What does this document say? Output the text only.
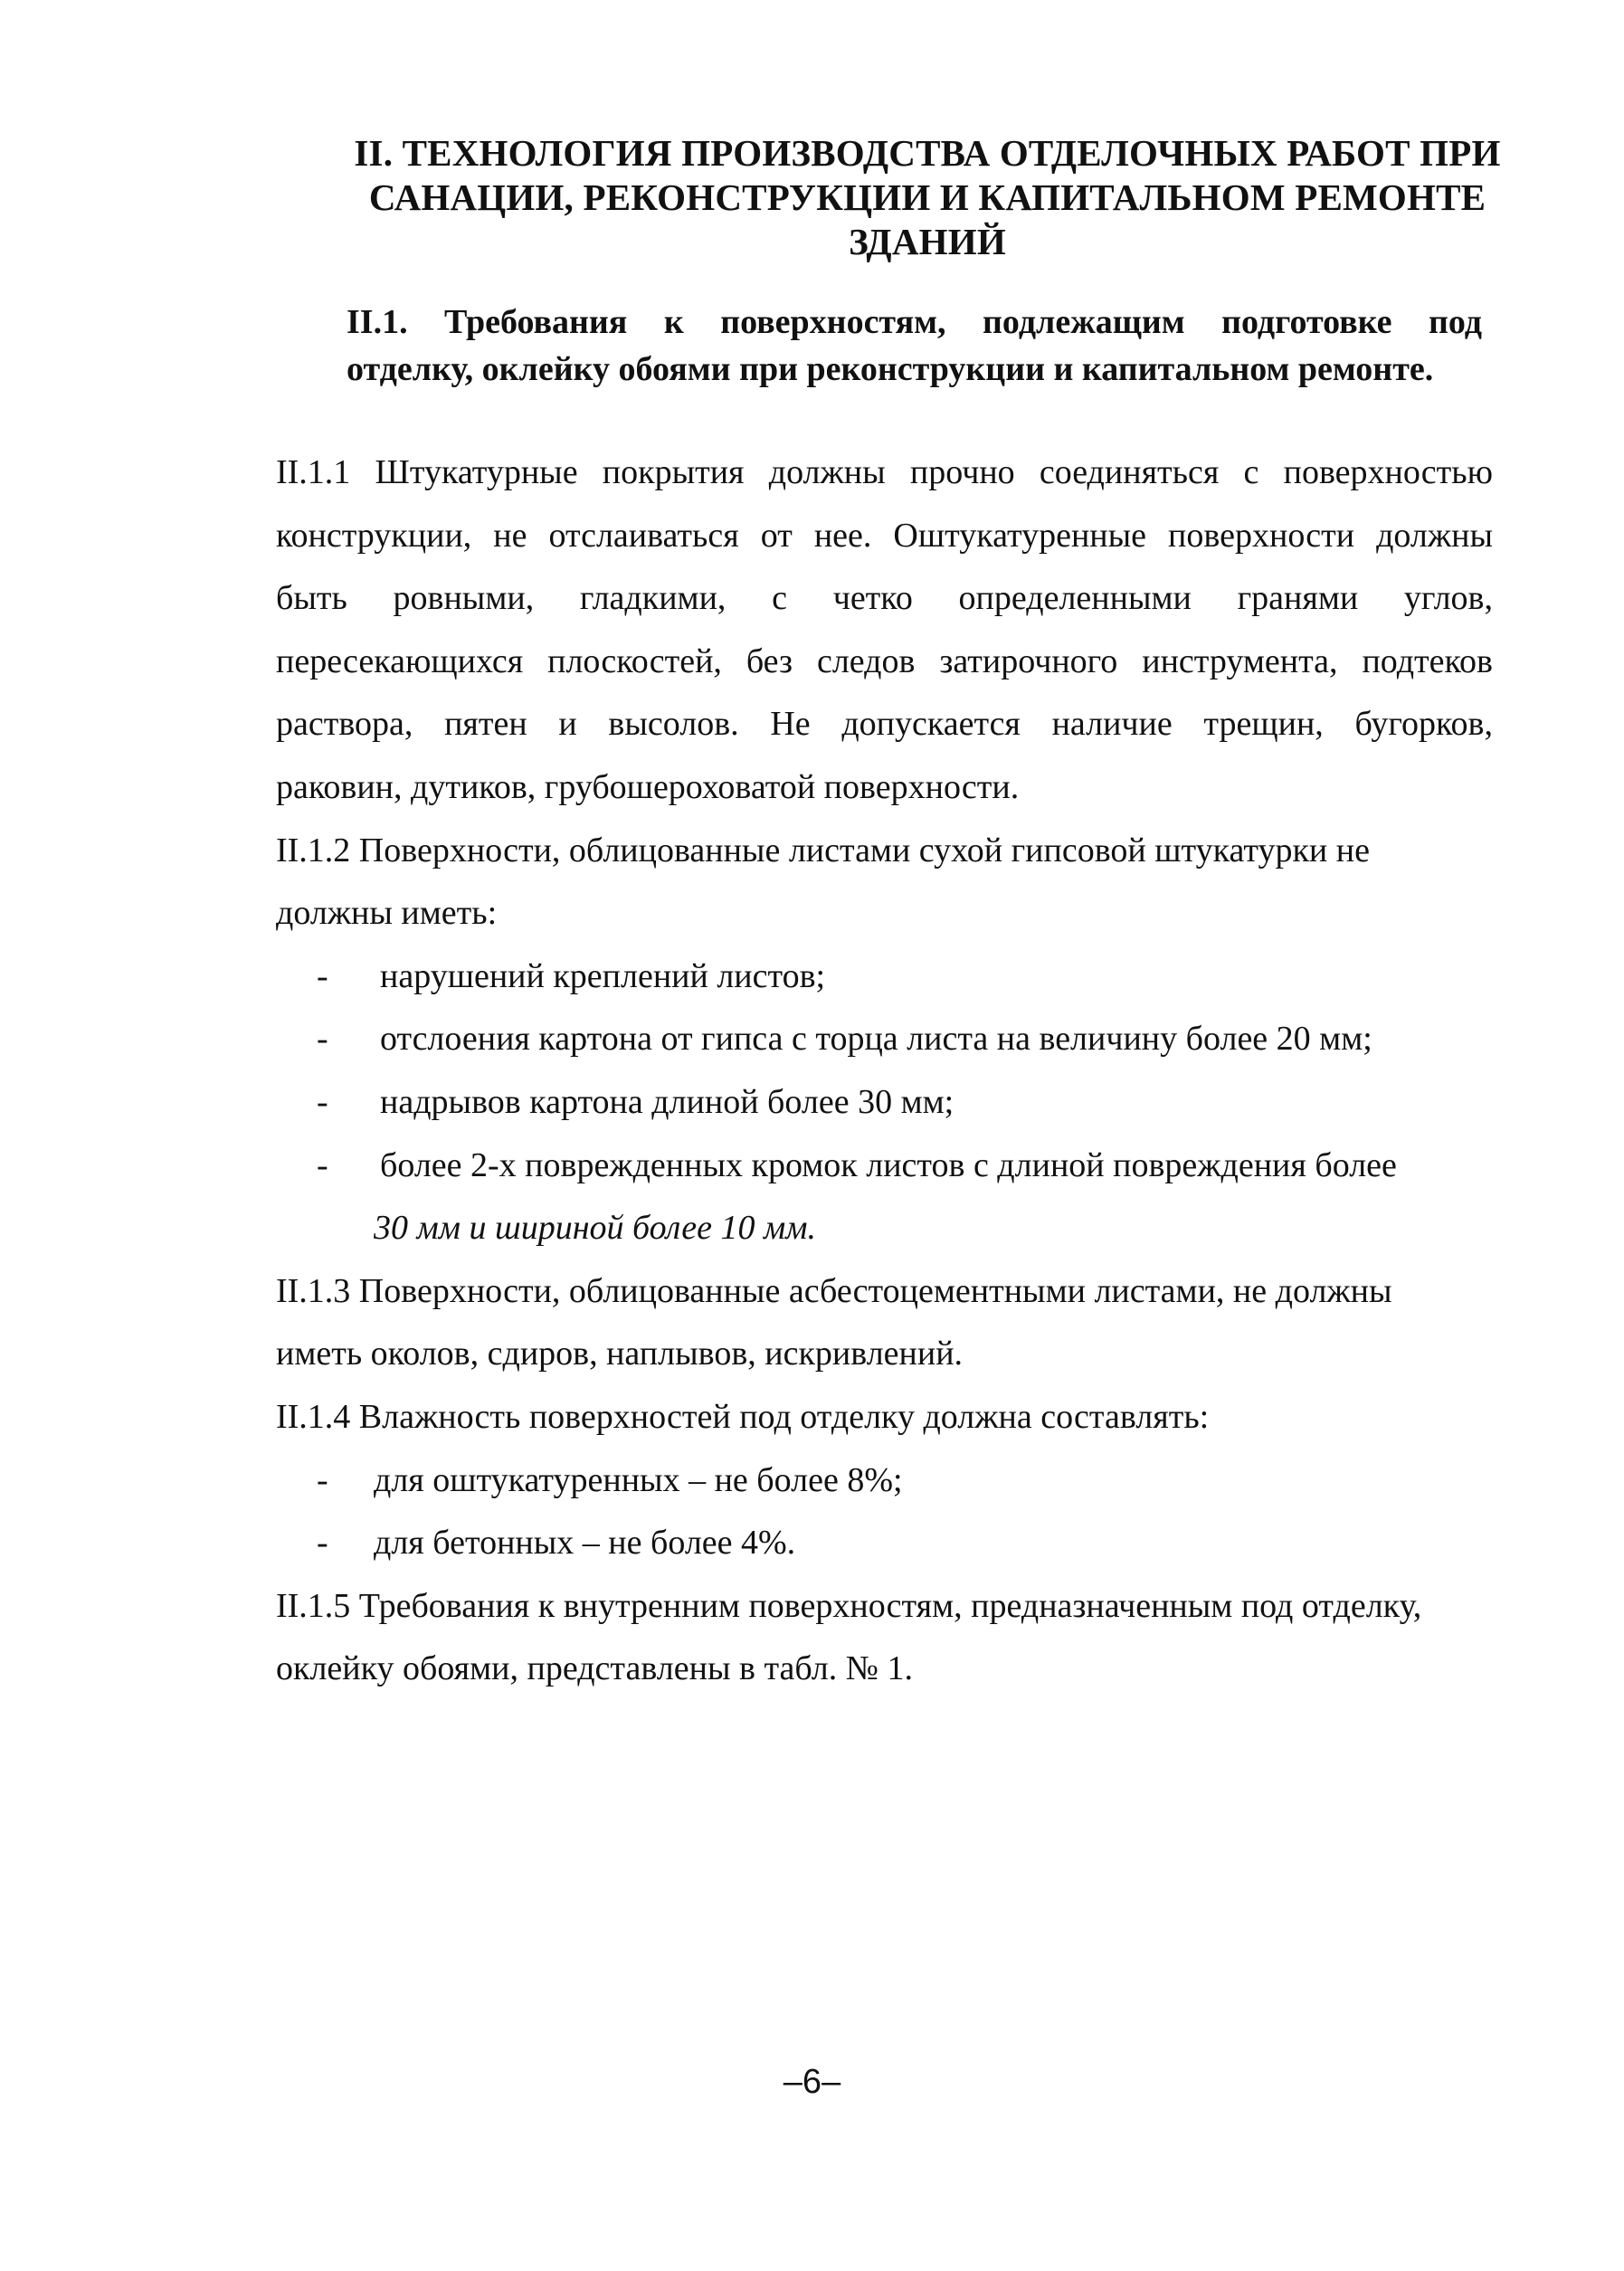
II. ТЕХНОЛОГИЯ ПРОИЗВОДСТВА ОТДЕЛОЧНЫХ РАБОТ ПРИ
САНАЦИИ, РЕКОНСТРУКЦИИ И КАПИТАЛЬНОМ РЕМОНТЕ
ЗДАНИЙ
II.1. Требования к поверхностям, подлежащим подготовке под
отделку, оклейку обоями при реконструкции и капитальном ремонте.
II.1.1 Штукатурные покрытия должны прочно соединяться с поверхностью
конструкции, не отслаиваться от нее. Оштукатуренные поверхности должны
быть ровными, гладкими, с четко определенными гранями углов,
пересекающихся плоскостей, без следов затирочного инструмента, подтеков
раствора, пятен и высолов. Не допускается наличие трещин, бугорков,
раковин, дутиков, грубошероховатой поверхности.
II.1.2 Поверхности, облицованные листами сухой гипсовой штукатурки не
должны иметь:
- нарушений креплений листов;
- отслоения картона от гипса с торца листа на величину более 20 мм;
- надрывов картона длиной более 30 мм;
- более 2-х поврежденных кромок листов с длиной повреждения более
30 мм и шириной более 10 мм.
II.1.3 Поверхности, облицованные асбестоцементными листами, не должны
иметь околов, сдиров, наплывов, искривлений.
II.1.4 Влажность поверхностей под отделку должна составлять:
- для оштукатуренных – не более 8%;
- для бетонных – не более 4%.
II.1.5 Требования к внутренним поверхностям, предназначенным под отделку,
оклейку обоями, представлены в табл. № 1.
–6–
